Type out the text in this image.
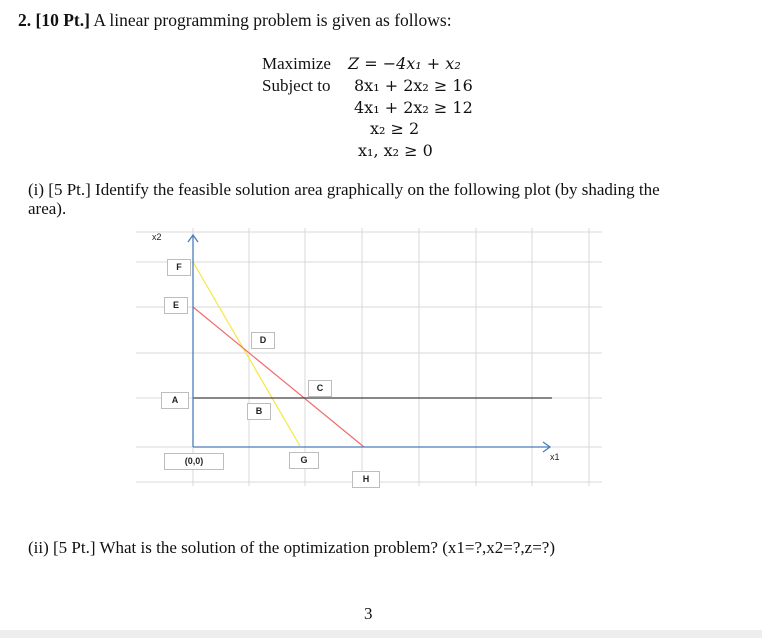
2. [10 Pt.] A linear programming problem is given as follows:
Maximize Z = −4x₁ + x₂
Subject to 8x₁ + 2x₂ ≥ 16
4x₁ + 2x₂ ≥ 12
x₂ ≥ 2
x₁, x₂ ≥ 0
(i) [5 Pt.] Identify the feasible solution area graphically on the following plot (by shading the
area).
x2
x1
F
E
D
C
A
B
(0,0)	G
H
(ii) [5 Pt.] What is the solution of the optimization problem? (x1=?,x2=?,z=?)
3
